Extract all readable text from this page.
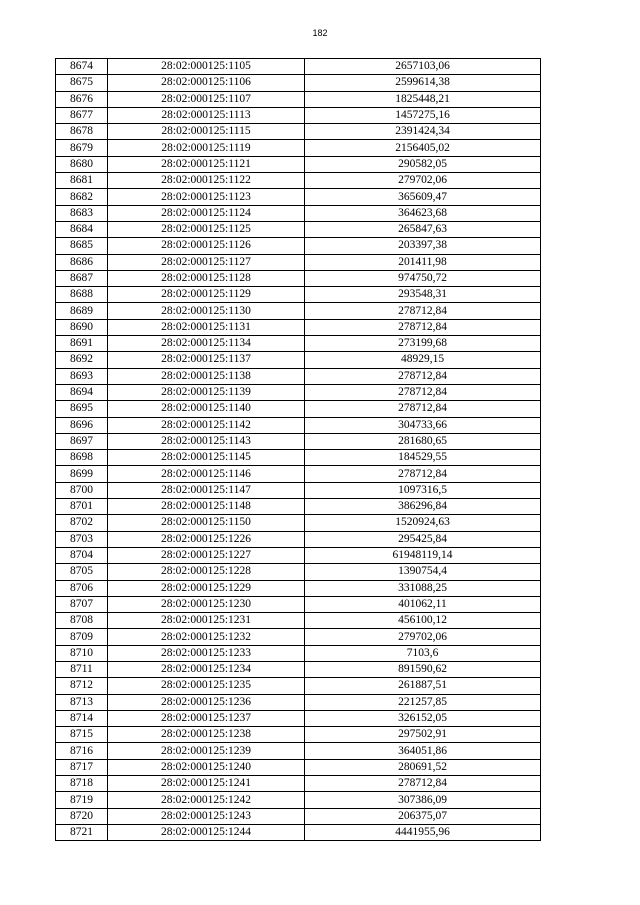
182
8674	28:02:000125:1105	2657103,06
8675	28:02:000125:1106	2599614,38
8676	28:02:000125:1107	1825448,21
8677	28:02:000125:1113	1457275,16
8678	28:02:000125:1115	2391424,34
8679	28:02:000125:1119	2156405,02
8680	28:02:000125:1121	290582,05
8681	28:02:000125:1122	279702,06
8682	28:02:000125:1123	365609,47
8683	28:02:000125:1124	364623,68
8684	28:02:000125:1125	265847,63
8685	28:02:000125:1126	203397,38
8686	28:02:000125:1127	201411,98
8687	28:02:000125:1128	974750,72
8688	28:02:000125:1129	293548,31
8689	28:02:000125:1130	278712,84
8690	28:02:000125:1131	278712,84
8691	28:02:000125:1134	273199,68
8692	28:02:000125:1137	48929,15
8693	28:02:000125:1138	278712,84
8694	28:02:000125:1139	278712,84
8695	28:02:000125:1140	278712,84
8696	28:02:000125:1142	304733,66
8697	28:02:000125:1143	281680,65
8698	28:02:000125:1145	184529,55
8699	28:02:000125:1146	278712,84
8700	28:02:000125:1147	1097316,5
8701	28:02:000125:1148	386296,84
8702	28:02:000125:1150	1520924,63
8703	28:02:000125:1226	295425,84
8704	28:02:000125:1227	61948119,14
8705	28:02:000125:1228	1390754,4
8706	28:02:000125:1229	331088,25
8707	28:02:000125:1230	401062,11
8708	28:02:000125:1231	456100,12
8709	28:02:000125:1232	279702,06
8710	28:02:000125:1233	7103,6
8711	28:02:000125:1234	891590,62
8712	28:02:000125:1235	261887,51
8713	28:02:000125:1236	221257,85
8714	28:02:000125:1237	326152,05
8715	28:02:000125:1238	297502,91
8716	28:02:000125:1239	364051,86
8717	28:02:000125:1240	280691,52
8718	28:02:000125:1241	278712,84
8719	28:02:000125:1242	307386,09
8720	28:02:000125:1243	206375,07
8721	28:02:000125:1244	4441955,96
